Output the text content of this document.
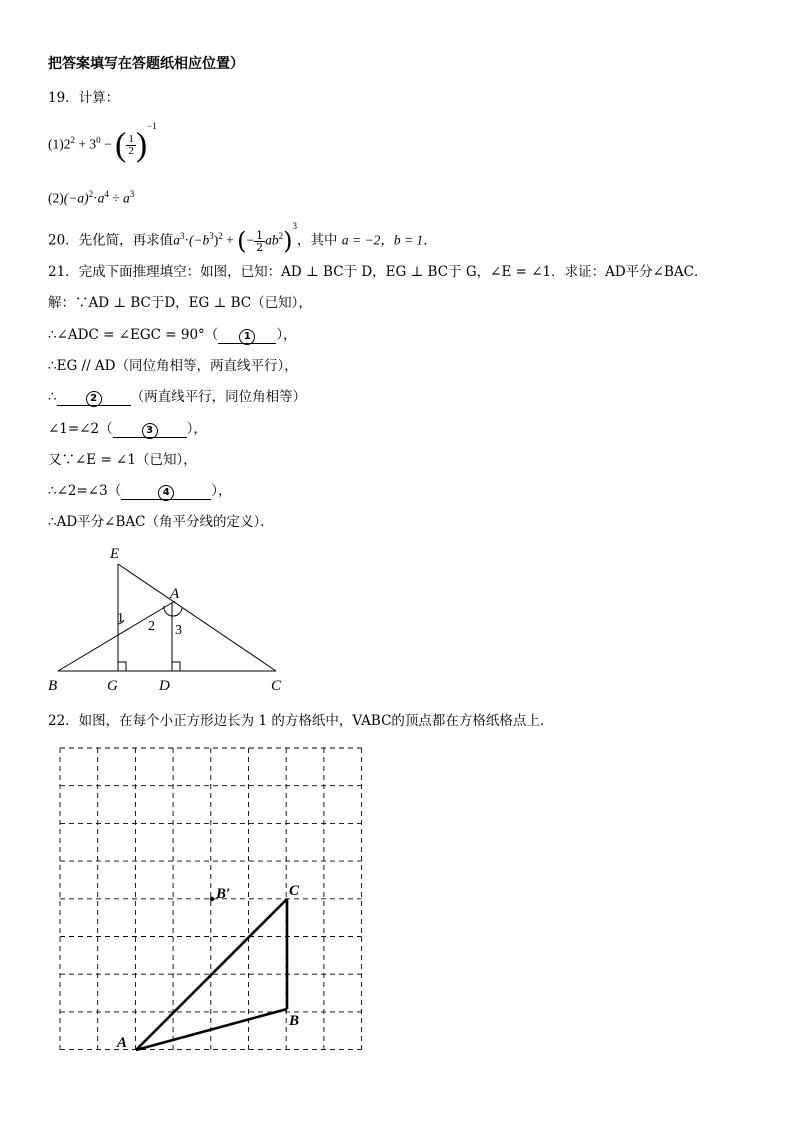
把答案填写在答题纸相应位置）
19．计算：
$(1)2^2 + 3^0$ − ( $\frac{1}{2} )^{-1}$
$(2)(-a)^2\cdot a^4 \div a^3$
20．先化简，再求值$a^3\cdot(-b^3)^2$ + (− $\frac{1}{2} ab^2)^3$，其中 a = −2，b = 1．
21．完成下面推理填空：如图，已知：AD ⊥ BC于 D，EG ⊥ BC于 G，∠E = ∠1．求证：AD平分∠BAC．
解：∵AD ⊥ BC于D，EG ⊥ BC（已知），
∴∠ADC = ∠EGC = 90°（	1 ），
∴EG // AD（同位角相等，两直线平行），
∴	2 （两直线平行，同位角相等）
∠1=∠2（	3 ），
又∵∠E = ∠1（已知），
∴∠2=∠3（	4	），
∴AD平分∠BAC（角平分线的定义）．
E
A
B	G	D	C
1
2 3
22．如图，在每个小正方形边长为 1 的方格纸中，VABC的顶点都在方格纸格点上．
A
B
C
B′
